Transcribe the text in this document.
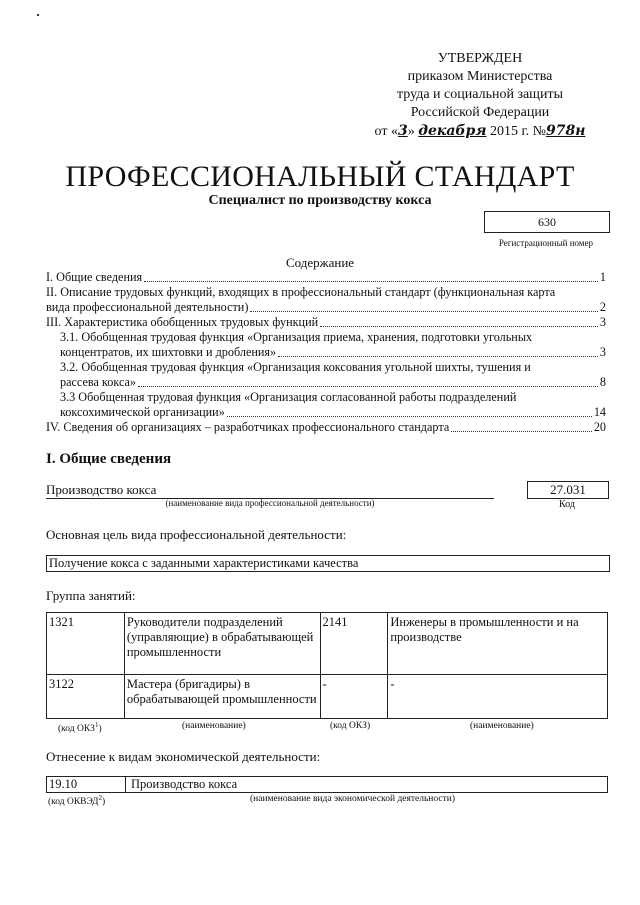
УТВЕРЖДЕН
приказом Министерства
труда и социальной защиты
Российской Федерации
от «3» декабря 2015 г. №978н
ПРОФЕССИОНАЛЬНЫЙ СТАНДАРТ
Специалист по производству кокса
630
Регистрационный номер
Содержание
I. Общие сведения	1
II. Описание трудовых функций, входящих в профессиональный стандарт (функциональная карта
вида профессиональной деятельности)	2
III. Характеристика обобщенных трудовых функций	3
3.1. Обобщенная трудовая функция «Организация приема, хранения, подготовки угольных
концентратов, их шихтовки и дробления»	3
3.2. Обобщенная трудовая функция «Организация коксования угольной шихты, тушения и
рассева кокса»	8
3.3 Обобщенная трудовая функция «Организация согласованной работы подразделений
коксохимической организации»	14
IV. Сведения об организациях – разработчиках профессионального стандарта	20
I. Общие сведения
Производство кокса
(наименование вида профессиональной деятельности)
27.031
Код
Основная цель вида профессиональной деятельности:
Получение кокса с заданными характеристиками качества
Группа занятий:
1321	Руководители подразделений (управляющие) в обрабатывающей промышленности	2141	Инженеры в промышленности и на производстве
3122	Мастера (бригадиры) в обрабатывающей промышленности	-	-
(код ОКЗ$^1$)	(наименование)	(код ОКЗ)	(наименование)
Отнесение к видам экономической деятельности:
19.10	Производство кокса
(код ОКВЭД$^2$)	(наименование вида экономической деятельности)
